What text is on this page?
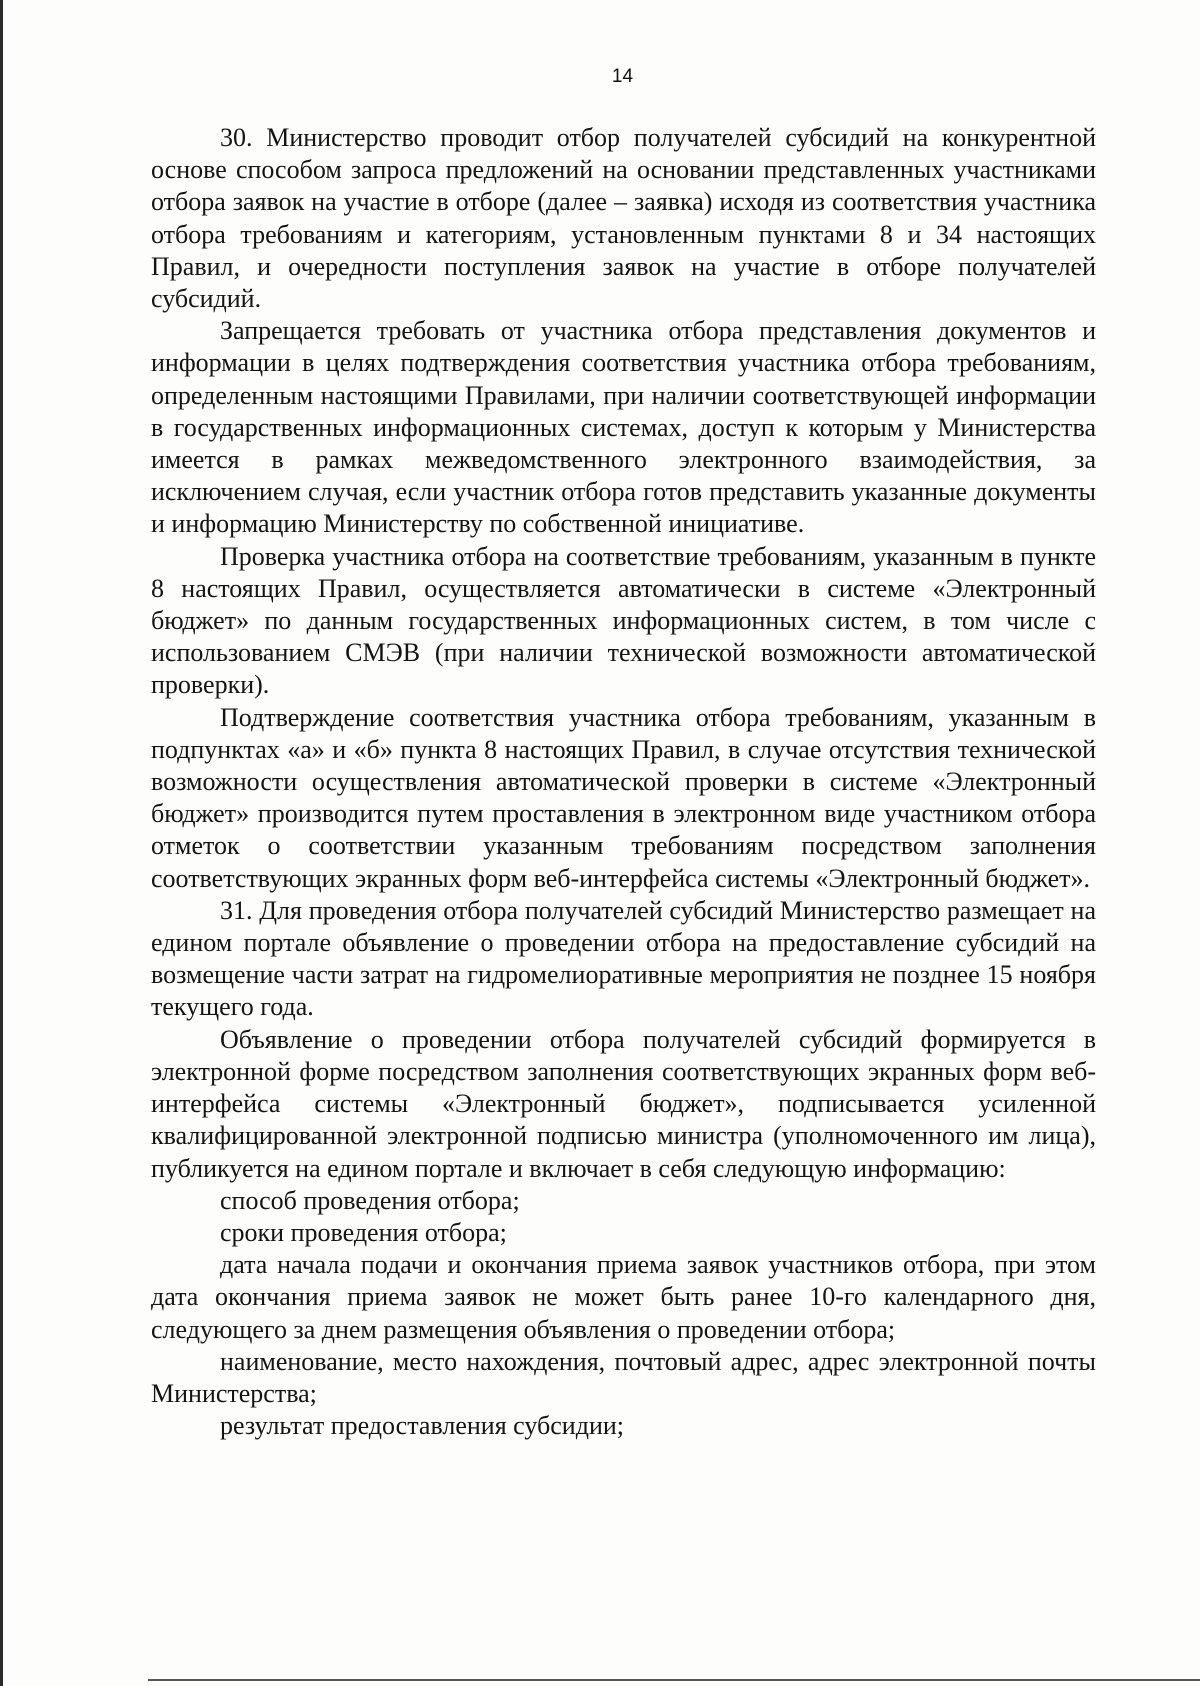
14

30. Министерство проводит отбор получателей субсидий на конкурентной основе способом запроса предложений на основании представленных участниками отбора заявок на участие в отборе (далее – заявка) исходя из соответствия участника отбора требованиям и категориям, установленным пунктами 8 и 34 настоящих Правил, и очередности поступления заявок на участие в отборе получателей субсидий.

Запрещается требовать от участника отбора представления документов и информации в целях подтверждения соответствия участника отбора требованиям, определенным настоящими Правилами, при наличии соответствующей информации в государственных информационных системах, доступ к которым у Министерства имеется в рамках межведомственного электронного взаимодействия, за исключением случая, если участник отбора готов представить указанные документы и информацию Министерству по собственной инициативе.

Проверка участника отбора на соответствие требованиям, указанным в пункте 8 настоящих Правил, осуществляется автоматически в системе «Электронный бюджет» по данным государственных информационных систем, в том числе с использованием СМЭВ (при наличии технической возможности автоматической проверки).

Подтверждение соответствия участника отбора требованиям, указанным в подпунктах «а» и «б» пункта 8 настоящих Правил, в случае отсутствия технической возможности осуществления автоматической проверки в системе «Электронный бюджет» производится путем проставления в электронном виде участником отбора отметок о соответствии указанным требованиям посредством заполнения соответствующих экранных форм веб-интерфейса системы «Электронный бюджет».

31. Для проведения отбора получателей субсидий Министерство размещает на едином портале объявление о проведении отбора на предоставление субсидий на возмещение части затрат на гидромелиоративные мероприятия не позднее 15 ноября текущего года.

Объявление о проведении отбора получателей субсидий формируется в электронной форме посредством заполнения соответствующих экранных форм веб-интерфейса системы «Электронный бюджет», подписывается усиленной квалифицированной электронной подписью министра (уполномоченного им лица), публикуется на едином портале и включает в себя следующую информацию:

способ проведения отбора;

сроки проведения отбора;

дата начала подачи и окончания приема заявок участников отбора, при этом дата окончания приема заявок не может быть ранее 10-го календарного дня, следующего за днем размещения объявления о проведении отбора;

наименование, место нахождения, почтовый адрес, адрес электронной почты Министерства;

результат предоставления субсидии;
